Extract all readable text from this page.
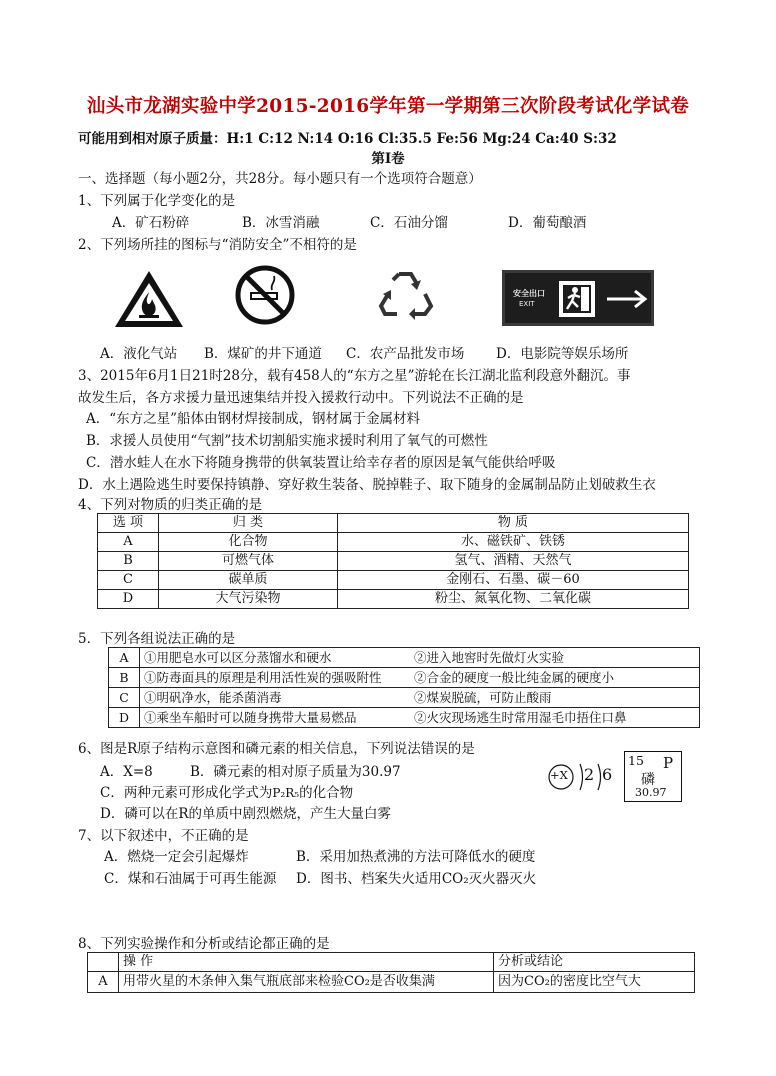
汕头市龙湖实验中学2015-2016学年第一学期第三次阶段考试化学试卷
可能用到相对原子质量：H:1 C:12 N:14 O:16 Cl:35.5 Fe:56 Mg:24 Ca:40 S:32
第Ⅰ卷
一、选择题（每小题2分，共28分。每小题只有一个选项符合题意）
1、下列属于化学变化的是
A．矿石粉碎	B．冰雪消融	C．石油分馏	D．葡萄酿酒
2、下列场所挂的图标与“消防安全”不相符的是
安全出口
EXIT
A．液化气站 B．煤矿的井下通道 C．农产品批发市场 D．电影院等娱乐场所
3、2015年6月1日21时28分，载有458人的“东方之星”游轮在长江湖北监利段意外翻沉。事
故发生后，各方求援力量迅速集结并投入援救行动中。下列说法不正确的是
A．“东方之星”船体由钢材焊接制成，钢材属于金属材料
B．求援人员使用“气割”技术切割船实施求援时利用了氧气的可燃性
C．潜水蛙人在水下将随身携带的供氧装置让给幸存者的原因是氧气能供给呼吸
D．水上遇险逃生时要保持镇静、穿好救生装备、脱掉鞋子、取下随身的金属制品防止划破救生衣
4、下列对物质的归类正确的是
选 项	归 类	物 质
A	化合物	水、磁铁矿、铁锈
B	可燃气体	氢气、酒精、天然气
C	碳单质	金刚石、石墨、碳－60
D	大气污染物	粉尘、氮氧化物、二氧化碳
5．下列各组说法正确的是
A	①用肥皂水可以区分蒸馏水和硬水	②进入地窖时先做灯火实验
B	①防毒面具的原理是利用活性炭的强吸附性	②合金的硬度一般比纯金属的硬度小
C	①明矾净水，能杀菌消毒	②煤炭脱硫，可防止酸雨
D	①乘坐车船时可以随身携带大量易燃品	②火灾现场逃生时常用湿毛巾捂住口鼻
6、图是R原子结构示意图和磷元素的相关信息，下列说法错误的是
A．X=8	B．磷元素的相对原子质量为30.97
C．两种元素可形成化学式为P₂R₅的化合物
D．磷可以在R的单质中剧烈燃烧，产生大量白雾
+X 2 6
15 P
磷
30.97
7、以下叙述中，不正确的是
A．燃烧一定会引起爆炸	B．采用加热煮沸的方法可降低水的硬度
C．煤和石油属于可再生能源 D．图书、档案失火适用CO₂灭火器灭火
8、下列实验操作和分析或结论都正确的是
	操 作	分析或结论
A	用带火星的木条伸入集气瓶底部来检验CO₂是否收集满	因为CO₂的密度比空气大
